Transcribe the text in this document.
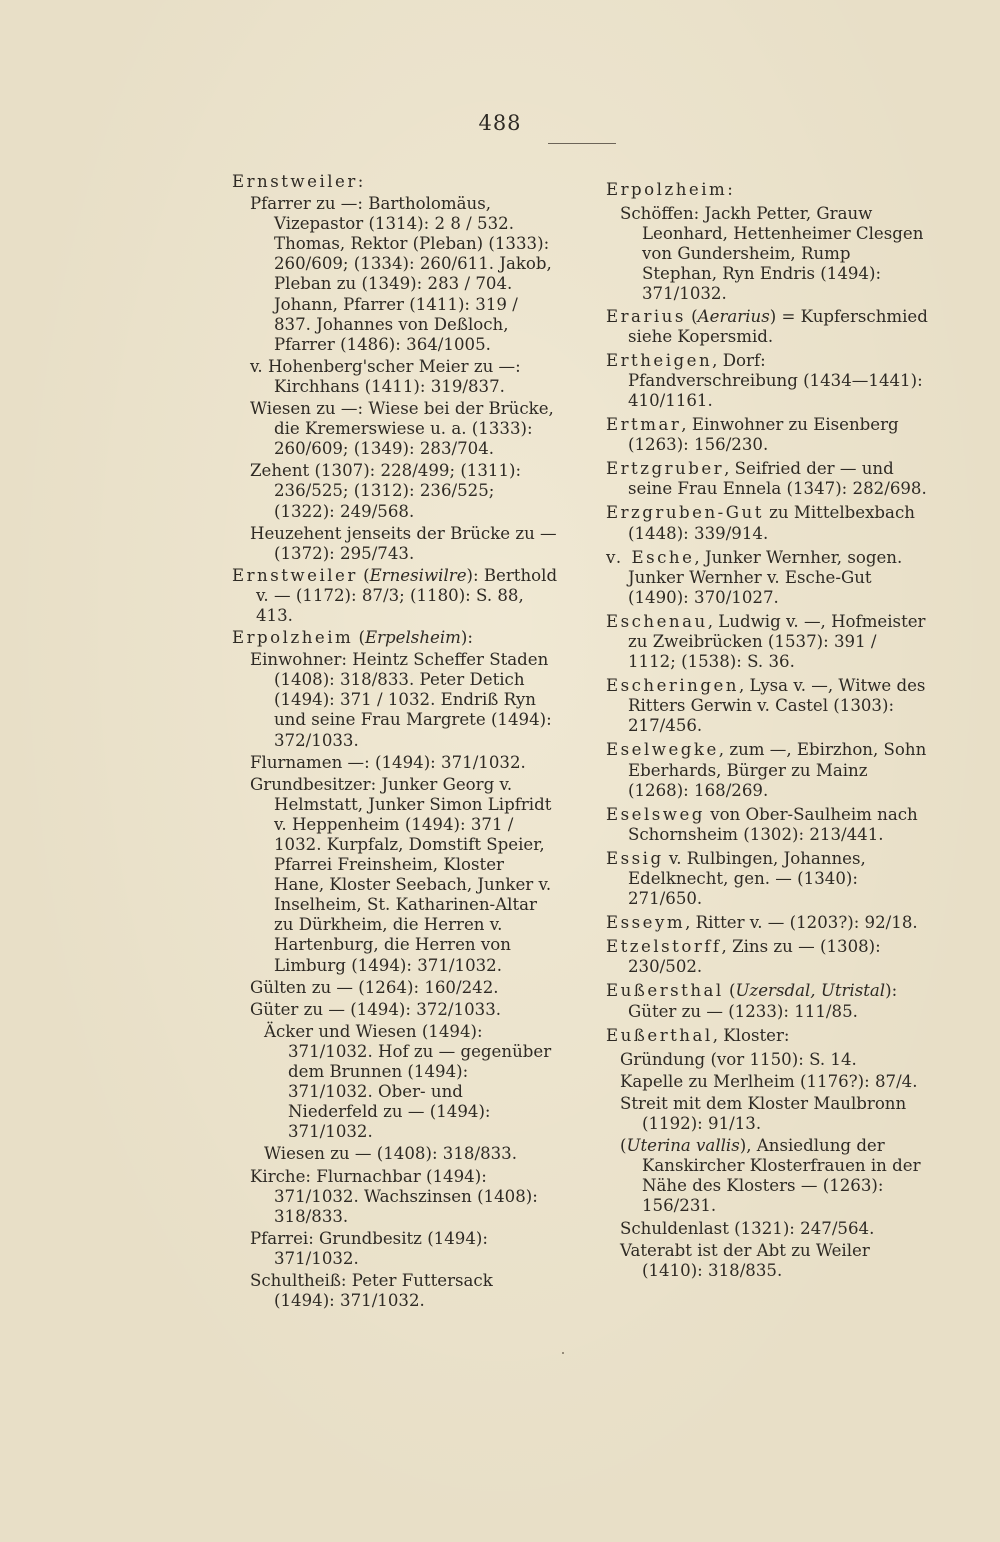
488
Ernstweiler:
Pfarrer zu —: Bartholomäus, Vizepastor (1314): 2 8 / 532. Thomas, Rektor (Pleban) (1333): 260/609; (1334): 260/611. Jakob, Pleban zu (1349): 283 / 704. Johann, Pfarrer (1411): 319 / 837. Johannes von Deßloch, Pfarrer (1486): 364/1005.
v. Hohenberg'scher Meier zu —: Kirchhans (1411): 319/837.
Wiesen zu —: Wiese bei der Brücke, die Kremerswiese u. a. (1333): 260/609; (1349): 283/704.
Zehent (1307): 228/499; (1311): 236/525; (1312): 236/525; (1322): 249/568.
Heuzehent jenseits der Brücke zu — (1372): 295/743.
Ernstweiler (Ernesiwilre): Berthold v. — (1172): 87/3; (1180): S. 88, 413.
Erpolzheim (Erpelsheim):
Einwohner: Heintz Scheffer Staden (1408): 318/833. Peter Detich (1494): 371 / 1032. Endriß Ryn und seine Frau Margrete (1494): 372/1033.
Flurnamen —: (1494): 371/1032.
Grundbesitzer: Junker Georg v. Helmstatt, Junker Simon Lipfridt v. Heppenheim (1494): 371 / 1032. Kurpfalz, Domstift Speier, Pfarrei Freinsheim, Kloster Hane, Kloster Seebach, Junker v. Inselheim, St. Katharinen-Altar zu Dürkheim, die Herren v. Hartenburg, die Herren von Limburg (1494): 371/1032.
Gülten zu — (1264): 160/242.
Güter zu — (1494): 372/1033.
Äcker und Wiesen (1494): 371/1032. Hof zu — gegenüber dem Brunnen (1494): 371/1032. Ober- und Niederfeld zu — (1494): 371/1032.
Wiesen zu — (1408): 318/833.
Kirche: Flurnachbar (1494): 371/1032. Wachszinsen (1408): 318/833.
Pfarrei: Grundbesitz (1494): 371/1032.
Schultheiß: Peter Futtersack (1494): 371/1032.
Erpolzheim:
Schöffen: Jackh Petter, Grauw Leonhard, Hettenheimer Clesgen von Gundersheim, Rump Stephan, Ryn Endris (1494): 371/1032.
Erarius (Aerarius) = Kupferschmied siehe Kopersmid.
Ertheigen, Dorf: Pfandverschreibung (1434—1441): 410/1161.
Ertmar, Einwohner zu Eisenberg (1263): 156/230.
Ertzgruber, Seifried der — und seine Frau Ennela (1347): 282/698.
Erzgruben-Gut zu Mittelbexbach (1448): 339/914.
v. Esche, Junker Wernher, sogen. Junker Wernher v. Esche-Gut (1490): 370/1027.
Eschenau, Ludwig v. —, Hofmeister zu Zweibrücken (1537): 391 / 1112; (1538): S. 36.
Escheringen, Lysa v. —, Witwe des Ritters Gerwin v. Castel (1303): 217/456.
Eselwegke, zum —, Ebirzhon, Sohn Eberhards, Bürger zu Mainz (1268): 168/269.
Eselsweg von Ober-Saulheim nach Schornsheim (1302): 213/441.
Essig v. Rulbingen, Johannes, Edelknecht, gen. — (1340): 271/650.
Esseym, Ritter v. — (1203?): 92/18.
Etzelstorff, Zins zu — (1308): 230/502.
Eußersthal (Uzersdal, Utristal): Güter zu — (1233): 111/85.
Eußerthal, Kloster:
Gründung (vor 1150): S. 14.
Kapelle zu Merlheim (1176?): 87/4.
Streit mit dem Kloster Maulbronn (1192): 91/13.
(Uterina vallis), Ansiedlung der Kanskircher Klosterfrauen in der Nähe des Klosters — (1263): 156/231.
Schuldenlast (1321): 247/564.
Vaterabt ist der Abt zu Weiler (1410): 318/835.
